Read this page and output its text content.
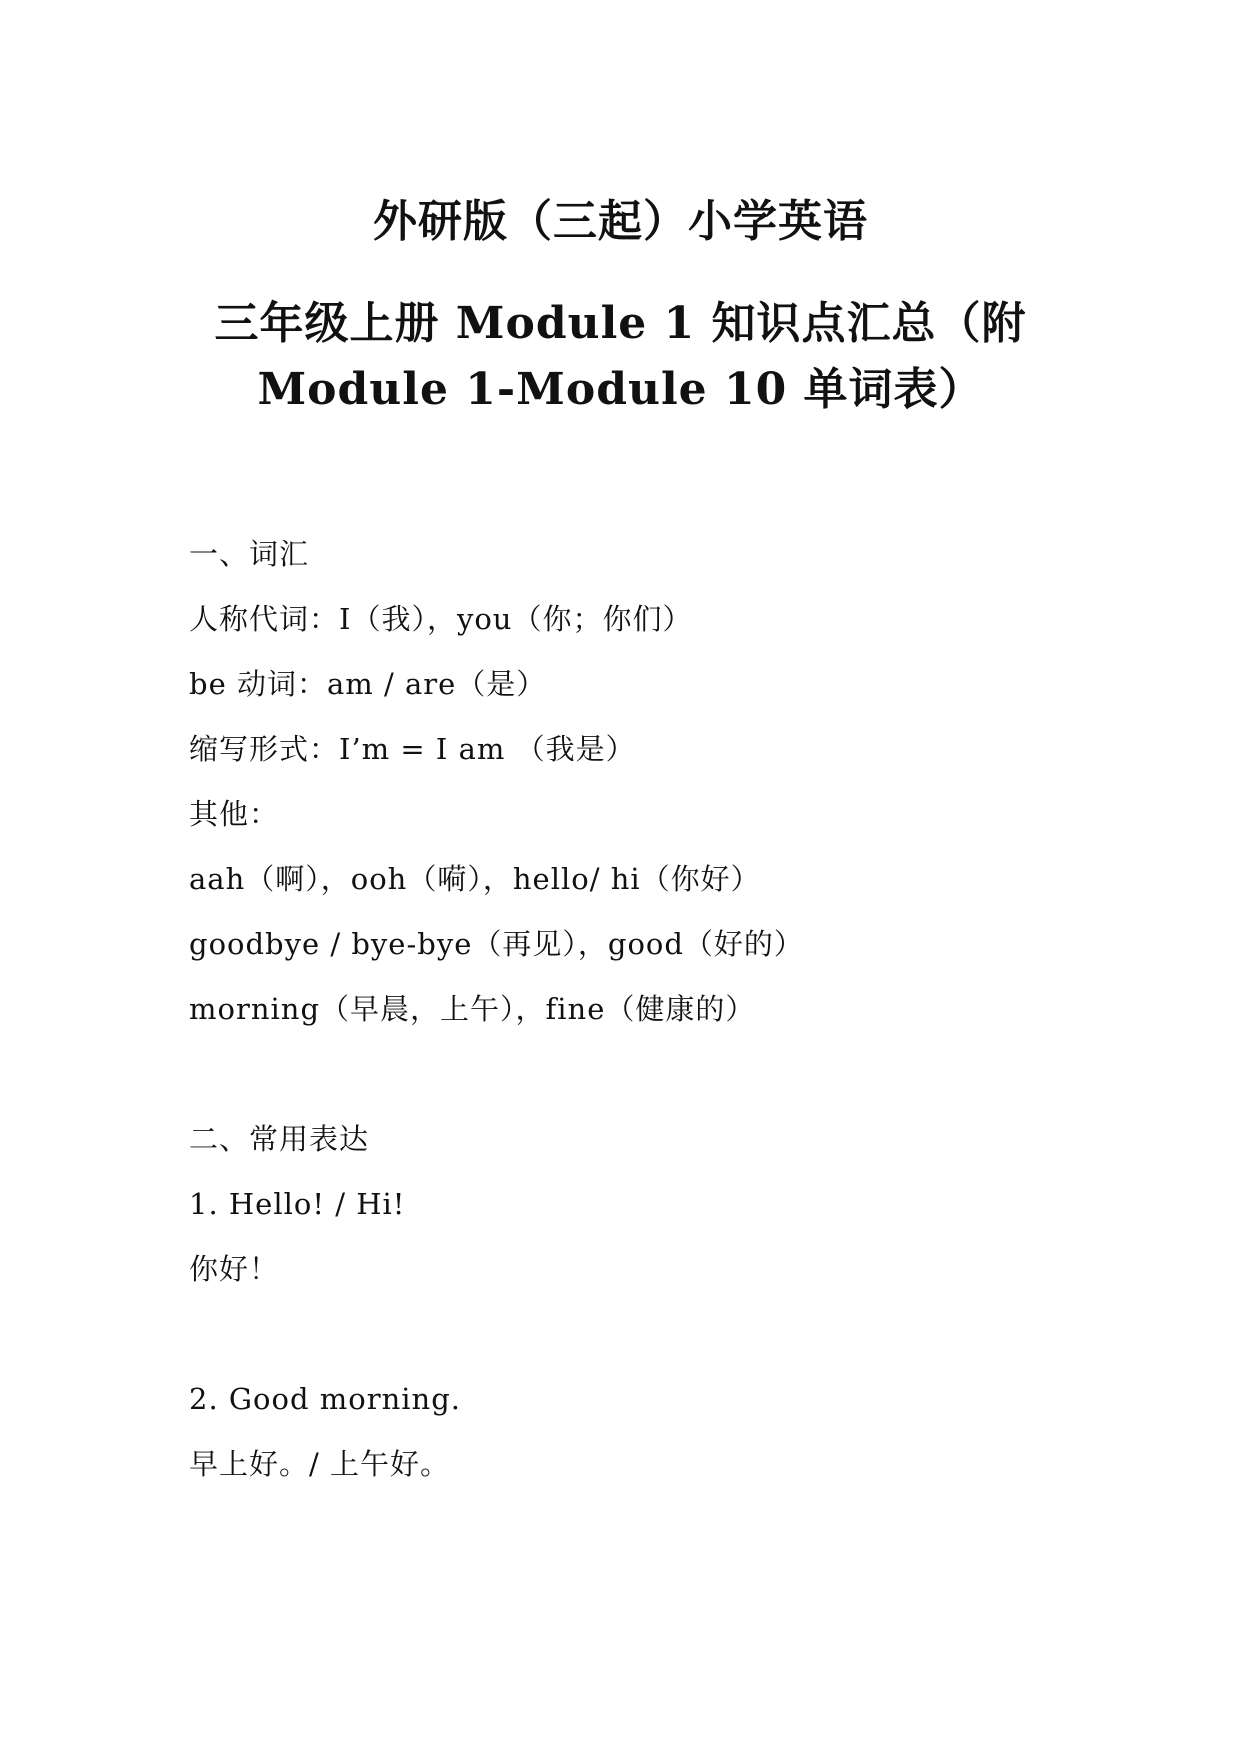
外研版（三起）小学英语
三年级上册 Module 1 知识点汇总（附
Module 1-Module 10 单词表）
一、词汇
人称代词：I（我），you（你；你们）
be 动词：am / are（是）
缩写形式：I’m = I am （我是）
其他：
aah（啊），ooh（嗬），hello/ hi（你好）
goodbye / bye-bye（再见），good（好的）
morning（早晨，上午），fine（健康的）
二、常用表达
1. Hello! / Hi!
你好！
2. Good morning.
早上好。/ 上午好。
